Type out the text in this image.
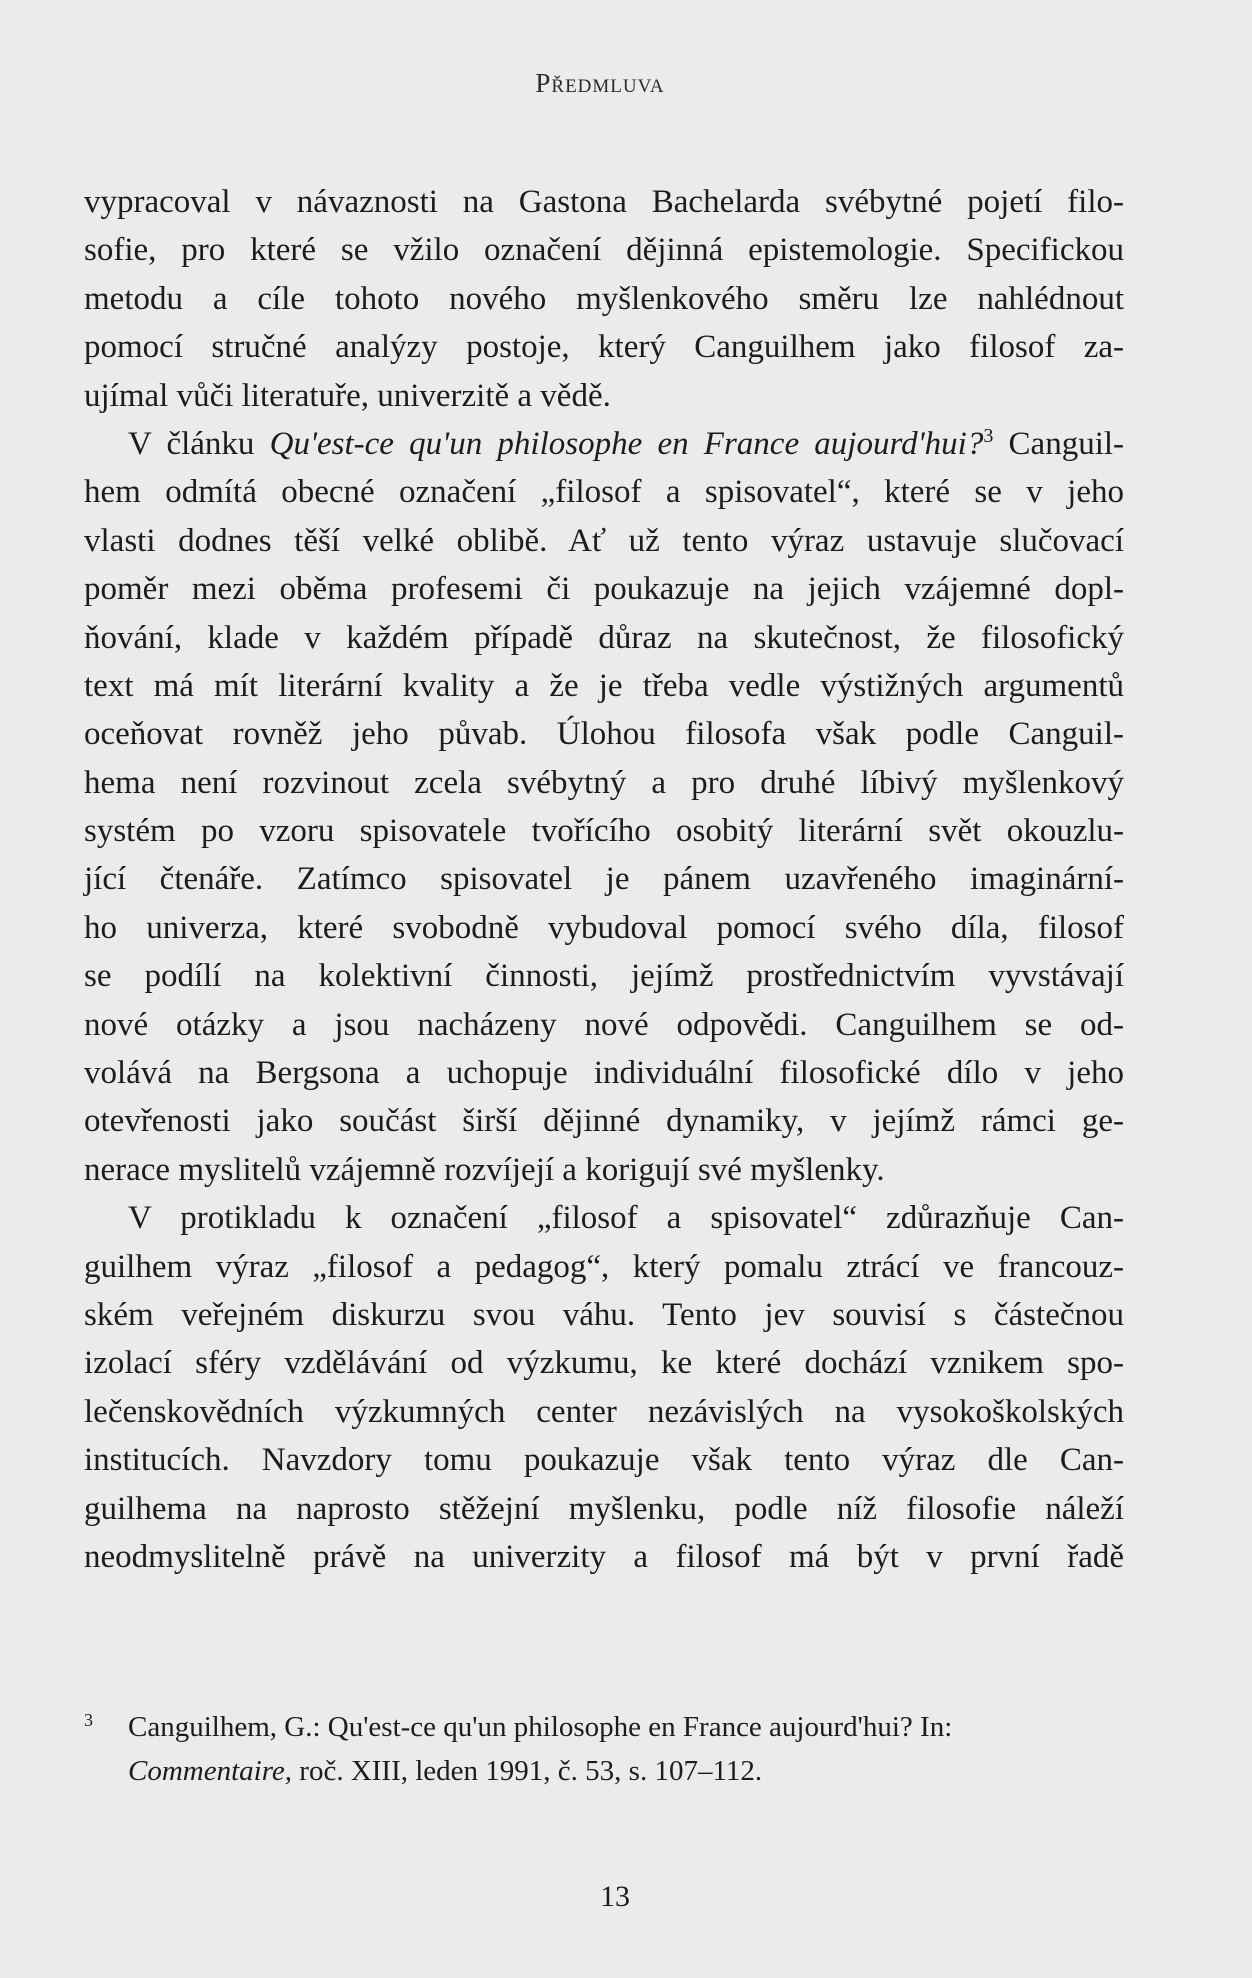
Předmluva
vypracoval v návaznosti na Gastona Bachelarda svébytné pojetí filo-
sofie, pro které se vžilo označení dějinná epistemologie. Specifickou
metodu a cíle tohoto nového myšlenkového směru lze nahlédnout
pomocí stručné analýzy postoje, který Canguilhem jako filosof za-
ujímal vůči literatuře, univerzitě a vědě.
V článku Qu'est-ce qu'un philosophe en France aujourd'hui?$^3$ Canguil-
hem odmítá obecné označení „filosof a spisovatel“, které se v jeho
vlasti dodnes těší velké oblibě. Ať už tento výraz ustavuje slučovací
poměr mezi oběma profesemi či poukazuje na jejich vzájemné dopl-
ňování, klade v každém případě důraz na skutečnost, že filosofický
text má mít literární kvality a že je třeba vedle výstižných argumentů
oceňovat rovněž jeho půvab. Úlohou filosofa však podle Canguil-
hema není rozvinout zcela svébytný a pro druhé líbivý myšlenkový
systém po vzoru spisovatele tvořícího osobitý literární svět okouzlu-
jící čtenáře. Zatímco spisovatel je pánem uzavřeného imaginární-
ho univerza, které svobodně vybudoval pomocí svého díla, filosof
se podílí na kolektivní činnosti, jejímž prostřednictvím vyvstávají
nové otázky a jsou nacházeny nové odpovědi. Canguilhem se od-
volává na Bergsona a uchopuje individuální filosofické dílo v jeho
otevřenosti jako součást širší dějinné dynamiky, v jejímž rámci ge-
nerace myslitelů vzájemně rozvíjejí a korigují své myšlenky.
V protikladu k označení „filosof a spisovatel“ zdůrazňuje Can-
guilhem výraz „filosof a pedagog“, který pomalu ztrácí ve francouz-
ském veřejném diskurzu svou váhu. Tento jev souvisí s částečnou
izolací sféry vzdělávání od výzkumu, ke které dochází vznikem spo-
lečenskovědních výzkumných center nezávislých na vysokoškolských
institucích. Navzdory tomu poukazuje však tento výraz dle Can-
guilhema na naprosto stěžejní myšlenku, podle níž filosofie náleží
neodmyslitelně právě na univerzity a filosof má být v první řadě
3 Canguilhem, G.: Qu'est-ce qu'un philosophe en France aujourd'hui? In:
Commentaire, roč. XIII, leden 1991, č. 53, s. 107–112.
13
